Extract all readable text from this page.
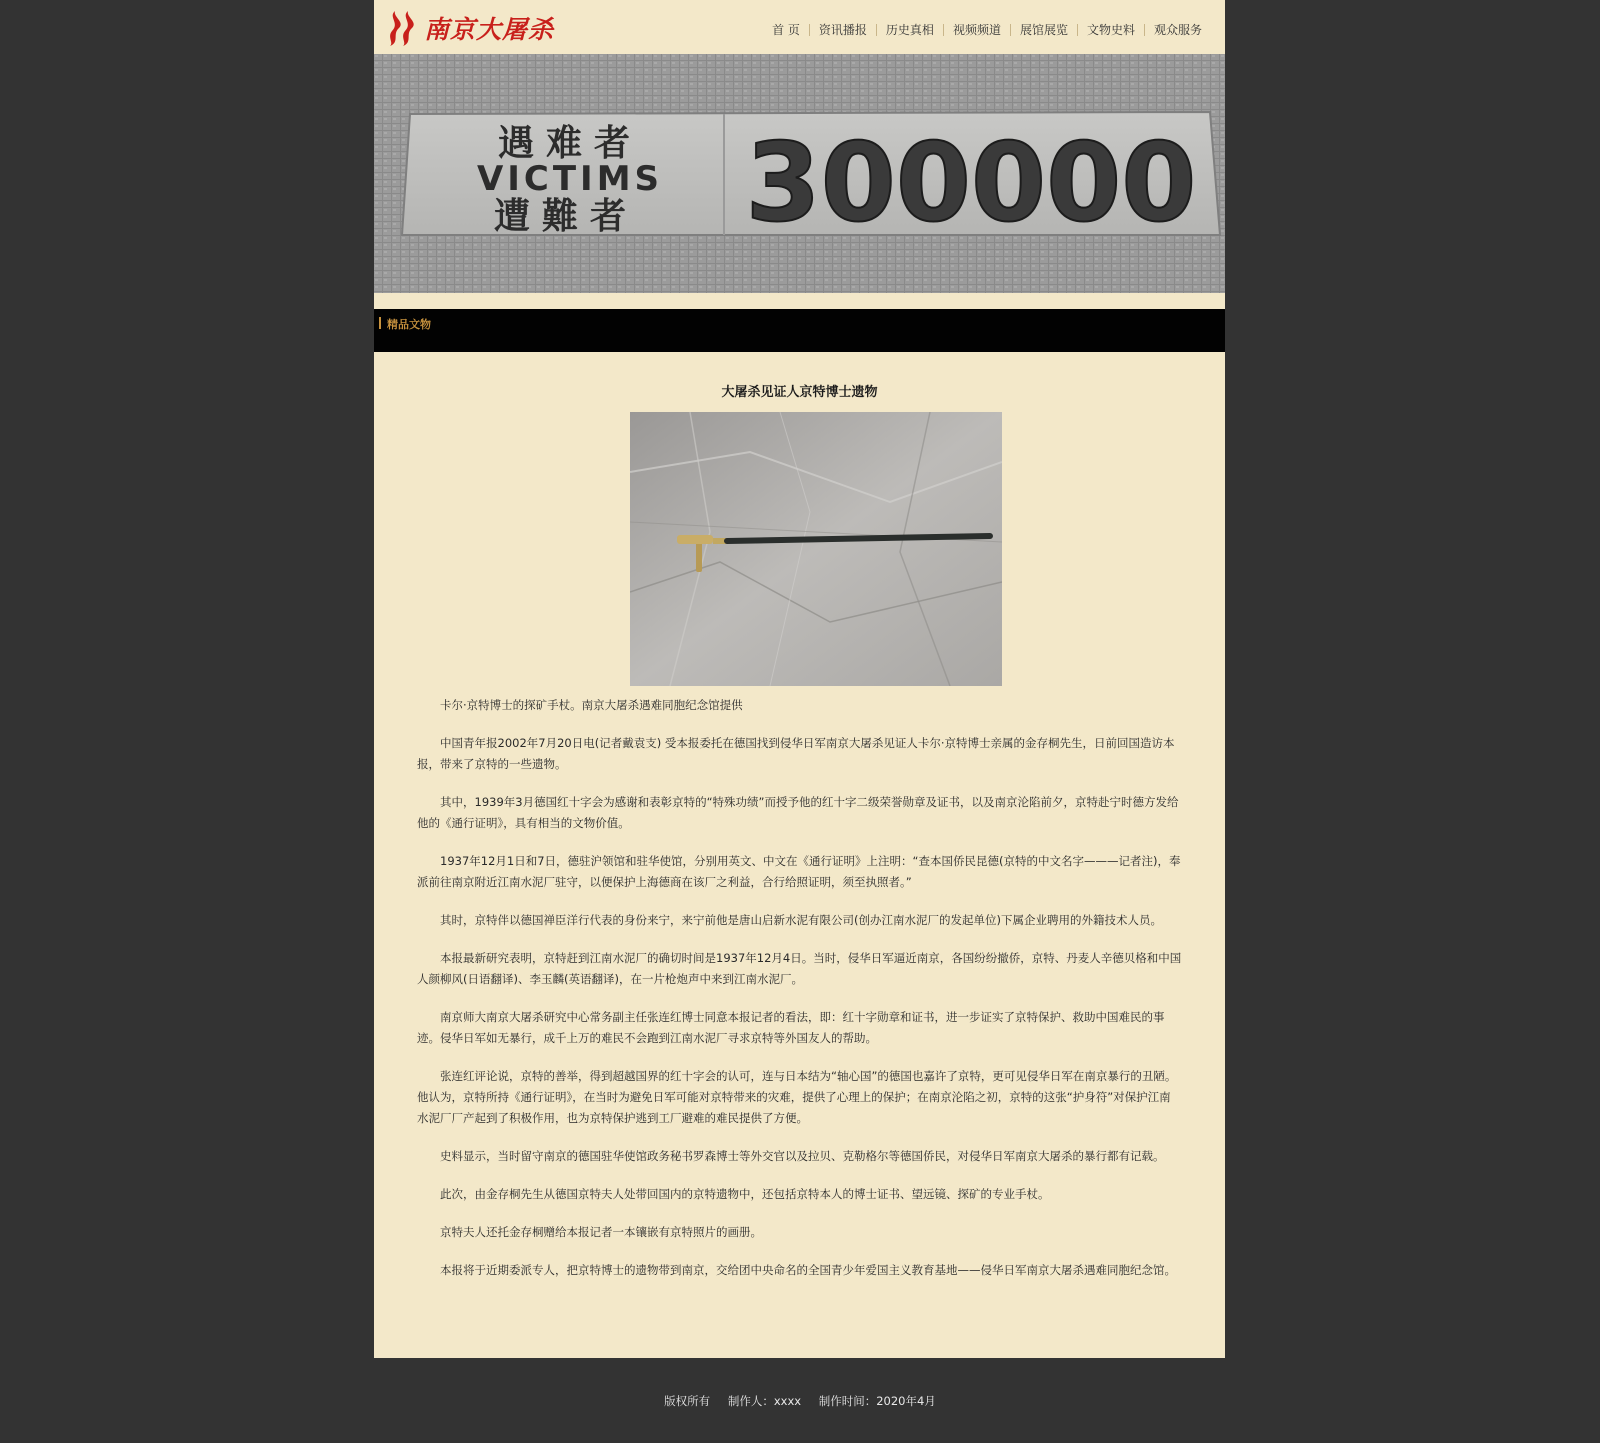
南京大屠杀	首 页	资讯播报	历史真相	视频频道	展馆展览	文物史料	观众服务
遇难者
VICTIMS
遭難者 300000
精品文物
大屠杀见证人京特博士遗物

卡尔·京特博士的探矿手杖。南京大屠杀遇难同胞纪念馆提供

中国青年报2002年7月20日电(记者戴袁支) 受本报委托在德国找到侵华日军南京大屠杀见证人卡尔·京特博士亲属的金存桐先生，日前回国造访本报，带来了京特的一些遗物。

其中，1939年3月德国红十字会为感谢和表彰京特的“特殊功绩”而授予他的红十字二级荣誉勋章及证书，以及南京沦陷前夕，京特赴宁时德方发给他的《通行证明》，具有相当的文物价值。

1937年12月1日和7日，德驻沪领馆和驻华使馆，分别用英文、中文在《通行证明》上注明：“查本国侨民昆德(京特的中文名字———记者注)，奉派前往南京附近江南水泥厂驻守，以便保护上海德商在该厂之利益，合行给照证明，须至执照者。”

其时，京特伴以德国禅臣洋行代表的身份来宁，来宁前他是唐山启新水泥有限公司(创办江南水泥厂的发起单位)下属企业聘用的外籍技术人员。

本报最新研究表明，京特赶到江南水泥厂的确切时间是1937年12月4日。当时，侵华日军逼近南京，各国纷纷撤侨，京特、丹麦人辛德贝格和中国人颜柳风(日语翻译)、李玉麟(英语翻译)，在一片枪炮声中来到江南水泥厂。

南京师大南京大屠杀研究中心常务副主任张连红博士同意本报记者的看法，即：红十字勋章和证书，进一步证实了京特保护、救助中国难民的事迹。侵华日军如无暴行，成千上万的难民不会跑到江南水泥厂寻求京特等外国友人的帮助。

张连红评论说，京特的善举，得到超越国界的红十字会的认可，连与日本结为“轴心国”的德国也嘉许了京特，更可见侵华日军在南京暴行的丑陋。他认为，京特所持《通行证明》，在当时为避免日军可能对京特带来的灾难，提供了心理上的保护；在南京沦陷之初，京特的这张“护身符”对保护江南水泥厂厂产起到了积极作用，也为京特保护逃到工厂避难的难民提供了方便。

史料显示，当时留守南京的德国驻华使馆政务秘书罗森博士等外交官以及拉贝、克勒格尔等德国侨民，对侵华日军南京大屠杀的暴行都有记载。

此次，由金存桐先生从德国京特夫人处带回国内的京特遗物中，还包括京特本人的博士证书、望远镜、探矿的专业手杖。

京特夫人还托金存桐赠给本报记者一本镶嵌有京特照片的画册。

本报将于近期委派专人，把京特博士的遗物带到南京，交给团中央命名的全国青少年爱国主义教育基地——侵华日军南京大屠杀遇难同胞纪念馆。

版权所有 制作人：xxxx 制作时间：2020年4月
